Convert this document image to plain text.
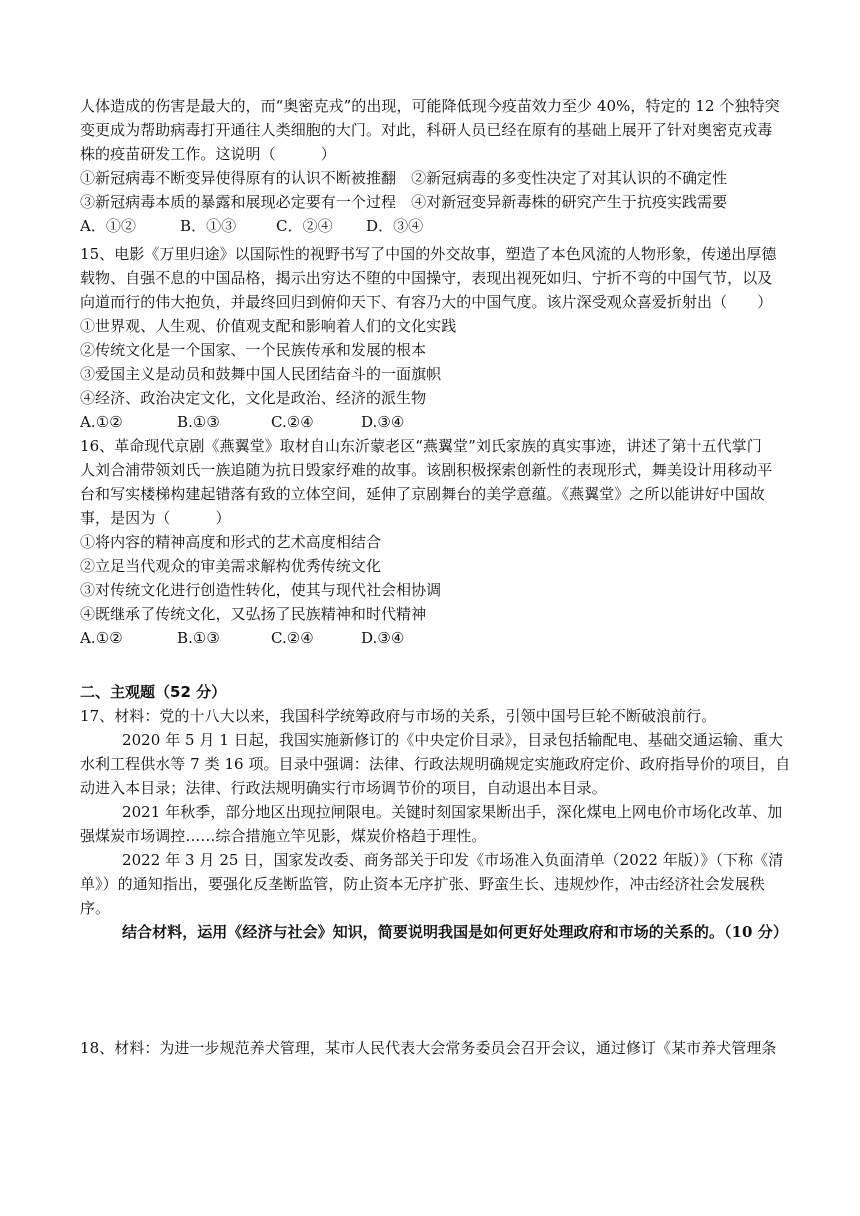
人体造成的伤害是最大的，而“奥密克戎”的出现，可能降低现今疫苗效力至少 40%，特定的 12 个独特突
变更成为帮助病毒打开通往人类细胞的大门。对此，科研人员已经在原有的基础上展开了针对奥密克戎毒
株的疫苗研发工作。这说明（　　　）
①新冠病毒不断变异使得原有的认识不断被推翻　②新冠病毒的多变性决定了对其认识的不确定性
③新冠病毒本质的暴露和展现必定要有一个过程　④对新冠变异新毒株的研究产生于抗疫实践需要
A．①②	B．①③	C．②④ D．③④
15、电影《万里归途》以国际性的视野书写了中国的外交故事，塑造了本色风流的人物形象，传递出厚德
载物、自强不息的中国品格，揭示出穷达不堕的中国操守，表现出视死如归、宁折不弯的中国气节，以及
向道而行的伟大抱负，并最终回归到俯仰天下、有容乃大的中国气度。该片深受观众喜爱折射出（　　）
①世界观、人生观、价值观支配和影响着人们的文化实践
②传统文化是一个国家、一个民族传承和发展的根本
③爱国主义是动员和鼓舞中国人民团结奋斗的一面旗帜
④经济、政治决定文化，文化是政治、经济的派生物
A.①②	B.①③	C.②④	D.③④
16、革命现代京剧《燕翼堂》取材自山东沂蒙老区“燕翼堂”刘氏家族的真实事迹，讲述了第十五代掌门
人刘合浦带领刘氏一族追随为抗日毁家纾难的故事。该剧积极探索创新性的表现形式，舞美设计用移动平
台和写实楼梯构建起错落有致的立体空间，延伸了京剧舞台的美学意蕴。《燕翼堂》之所以能讲好中国故
事，是因为（　　　）
①将内容的精神高度和形式的艺术高度相结合
②立足当代观众的审美需求解构优秀传统文化
③对传统文化进行创造性转化，使其与现代社会相协调
④既继承了传统文化，又弘扬了民族精神和时代精神
A.①②	B.①③	C.②④	D.③④
二、主观题（52 分）
17、材料：党的十八大以来，我国科学统筹政府与市场的关系，引领中国号巨轮不断破浪前行。
2020 年 5 月 1 日起，我国实施新修订的《中央定价目录》，目录包括输配电、基础交通运输、重大
水利工程供水等 7 类 16 项。目录中强调：法律、行政法规明确规定实施政府定价、政府指导价的项目，自
动进入本目录；法律、行政法规明确实行市场调节价的项目，自动退出本目录。
2021 年秋季，部分地区出现拉闸限电。关键时刻国家果断出手，深化煤电上网电价市场化改革、加
强煤炭市场调控……综合措施立竿见影，煤炭价格趋于理性。
2022 年 3 月 25 日，国家发改委、商务部关于印发《市场准入负面清单（2022 年版）》（下称《清
单》）的通知指出，要强化反垄断监管，防止资本无序扩张、野蛮生长、违规炒作，冲击经济社会发展秩
序。
结合材料，运用《经济与社会》知识，简要说明我国是如何更好处理政府和市场的关系的。（10 分）
18、材料：为进一步规范养犬管理，某市人民代表大会常务委员会召开会议，通过修订《某市养犬管理条
